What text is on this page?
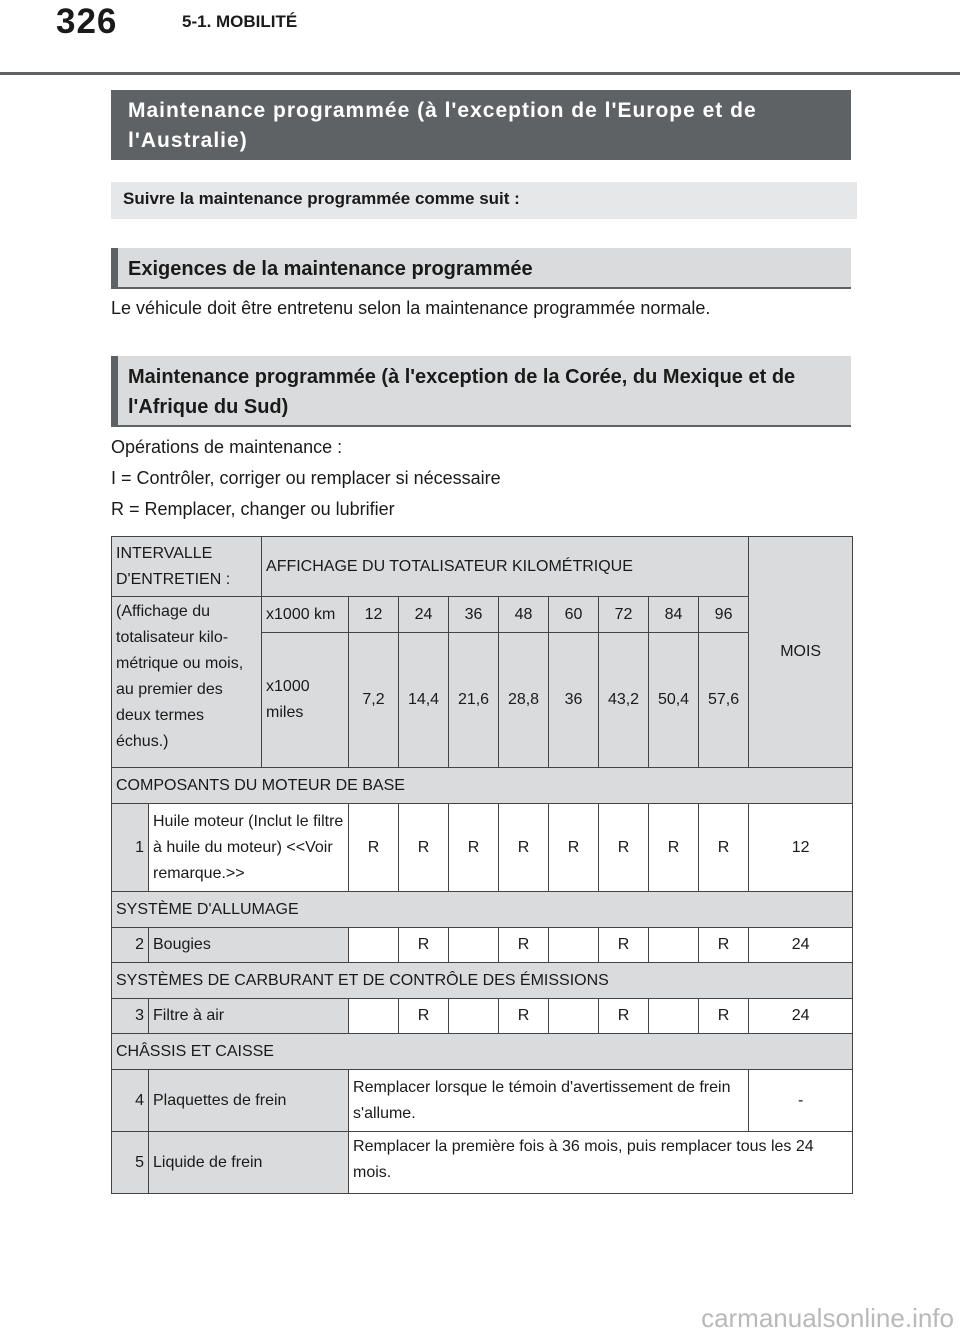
326	5-1. MOBILITÉ
Maintenance programmée (à l'exception de l'Europe et de l'Australie)
Suivre la maintenance programmée comme suit :
Exigences de la maintenance programmée
Le véhicule doit être entretenu selon la maintenance programmée normale.
Maintenance programmée (à l'exception de la Corée, du Mexique et de l'Afrique du Sud)
Opérations de maintenance :
I = Contrôler, corriger ou remplacer si nécessaire
R = Remplacer, changer ou lubrifier
INTERVALLE D'ENTRETIEN :		AFFICHAGE DU TOTALISATEUR KILOMÉTRIQUE									MOIS
(Affichage du totalisateur kilo-métrique ou mois, au premier des deux termes échus.)		x1000 km	12	24	36	48	60	72	84	96	
		x1000 miles	7,2	14,4	21,6	28,8	36	43,2	50,4	57,6	
COMPOSANTS DU MOTEUR DE BASE											
1	Huile moteur (Inclut le filtre à huile du moteur) <<Voir remarque.>>		R	R	R	R	R	R	R	R	12
SYSTÈME D'ALLUMAGE											
2	Bougies			R		R		R		R	24
SYSTÈMES DE CARBURANT ET DE CONTRÔLE DES ÉMISSIONS											
3	Filtre à air			R		R		R		R	24
CHÂSSIS ET CAISSE											
4	Plaquettes de frein		Remplacer lorsque le témoin d'avertissement de frein s'allume.								-
5	Liquide de frein		Remplacer la première fois à 36 mois, puis remplacer tous les 24 mois.								
carmanualsonline.info
